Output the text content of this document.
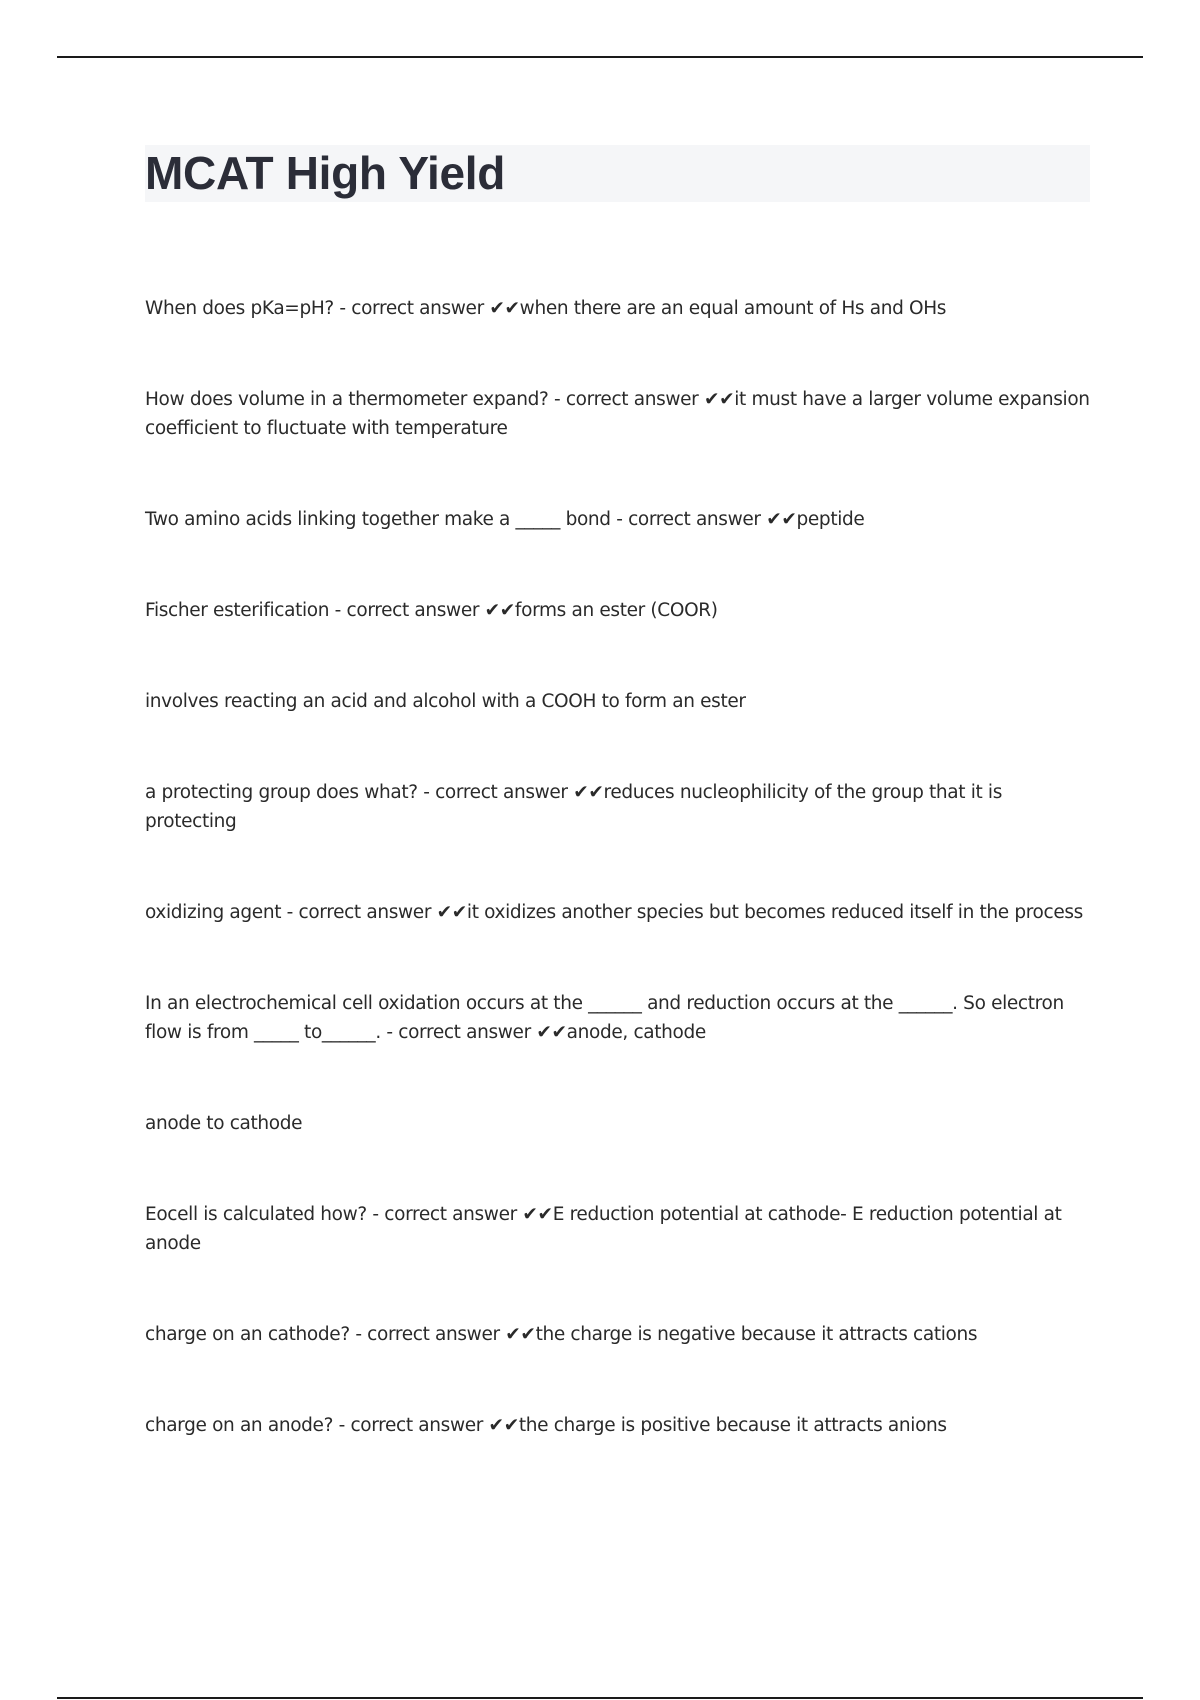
MCAT High Yield
When does pKa=pH? - correct answer ✔✔when there are an equal amount of Hs and OHs
How does volume in a thermometer expand? - correct answer ✔✔it must have a larger volume expansion coefficient to fluctuate with temperature
Two amino acids linking together make a _____ bond - correct answer ✔✔peptide
Fischer esterification - correct answer ✔✔forms an ester (COOR)
involves reacting an acid and alcohol with a COOH to form an ester
a protecting group does what? - correct answer ✔✔reduces nucleophilicity of the group that it is protecting
oxidizing agent - correct answer ✔✔it oxidizes another species but becomes reduced itself in the process
In an electrochemical cell oxidation occurs at the ______ and reduction occurs at the ______. So electron flow is from _____ to______. - correct answer ✔✔anode, cathode
anode to cathode
Eocell is calculated how? - correct answer ✔✔E reduction potential at cathode- E reduction potential at anode
charge on an cathode? - correct answer ✔✔the charge is negative because it attracts cations
charge on an anode? - correct answer ✔✔the charge is positive because it attracts anions
